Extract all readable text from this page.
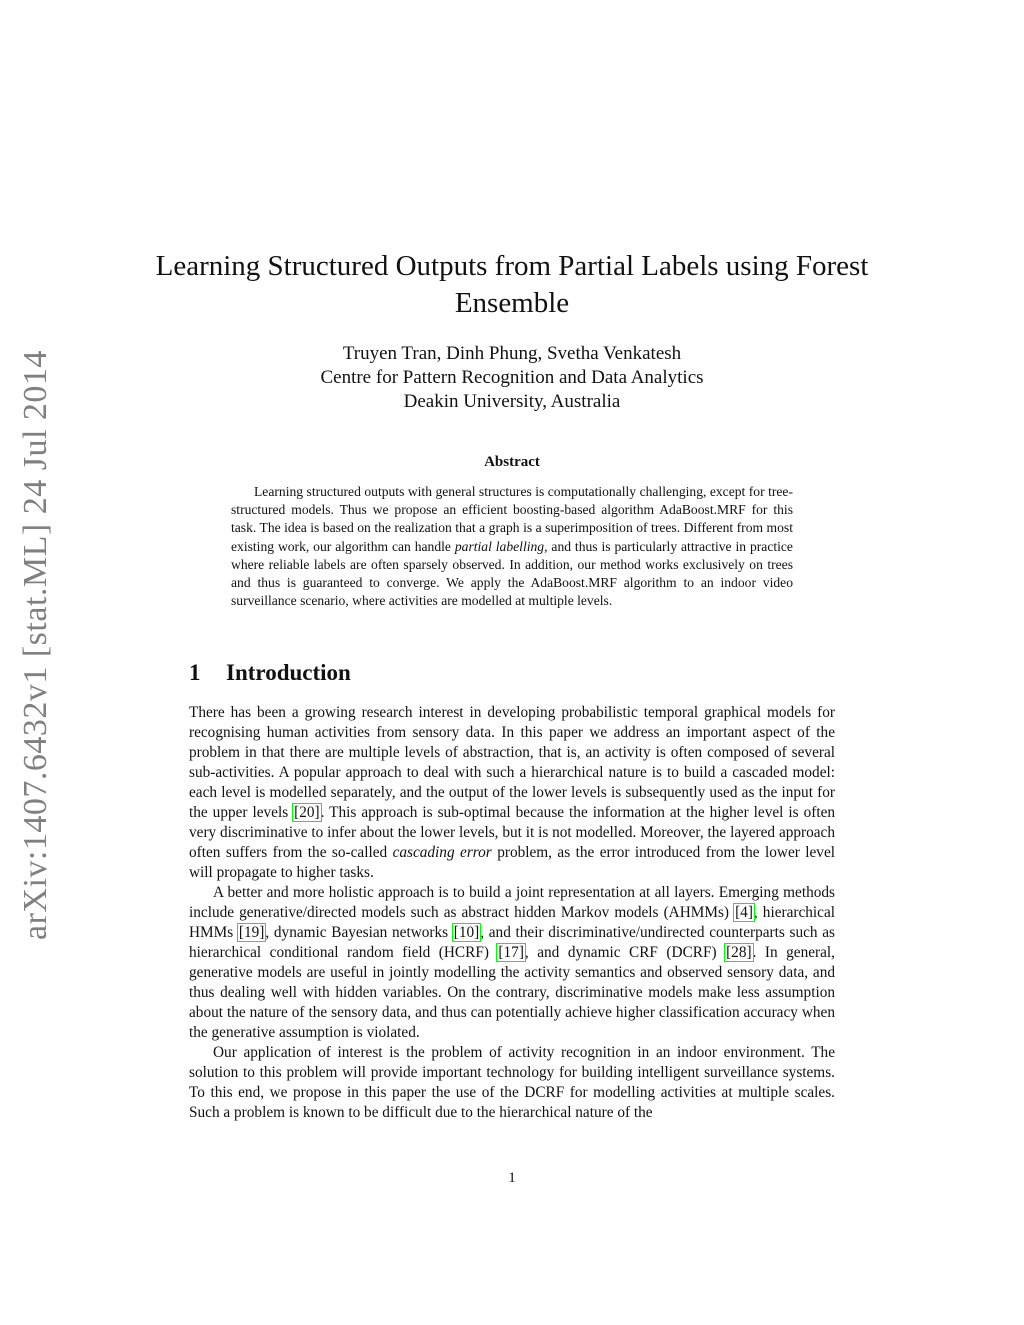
arXiv:1407.6432v1 [stat.ML] 24 Jul 2014
Learning Structured Outputs from Partial Labels using Forest Ensemble
Truyen Tran, Dinh Phung, Svetha Venkatesh
Centre for Pattern Recognition and Data Analytics
Deakin University, Australia
Abstract

Learning structured outputs with general structures is computationally challenging, except for tree-structured models. Thus we propose an efficient boosting-based algorithm AdaBoost.MRF for this task. The idea is based on the realization that a graph is a superimposition of trees. Different from most existing work, our algorithm can handle partial labelling, and thus is particularly attractive in practice where reliable labels are often sparsely observed. In addition, our method works exclusively on trees and thus is guaranteed to converge. We apply the AdaBoost.MRF algorithm to an indoor video surveillance scenario, where activities are modelled at multiple levels.

1 Introduction

There has been a growing research interest in developing probabilistic temporal graphical models for recognising human activities from sensory data. In this paper we address an important aspect of the problem in that there are multiple levels of abstraction, that is, an activity is often composed of several sub-activities. A popular approach to deal with such a hierarchical nature is to build a cascaded model: each level is modelled separately, and the output of the lower levels is subsequently used as the input for the upper levels [20]. This approach is sub-optimal because the information at the higher level is often very discriminative to infer about the lower levels, but it is not modelled. Moreover, the layered approach often suffers from the so-called cascading error problem, as the error introduced from the lower level will propagate to higher tasks.

A better and more holistic approach is to build a joint representation at all layers. Emerging methods include generative/directed models such as abstract hidden Markov models (AHMMs) [4], hierarchical HMMs [19], dynamic Bayesian networks [10], and their discriminative/undirected counterparts such as hierarchical conditional random field (HCRF) [17], and dynamic CRF (DCRF) [28]. In general, generative models are useful in jointly modelling the activity semantics and observed sensory data, and thus dealing well with hidden variables. On the contrary, discriminative models make less assumption about the nature of the sensory data, and thus can potentially achieve higher classification accuracy when the generative assumption is violated.

Our application of interest is the problem of activity recognition in an indoor environment. The solution to this problem will provide important technology for building intelligent surveillance systems. To this end, we propose in this paper the use of the DCRF for modelling activities at multiple scales. Such a problem is known to be difficult due to the hierarchical nature of the

1
